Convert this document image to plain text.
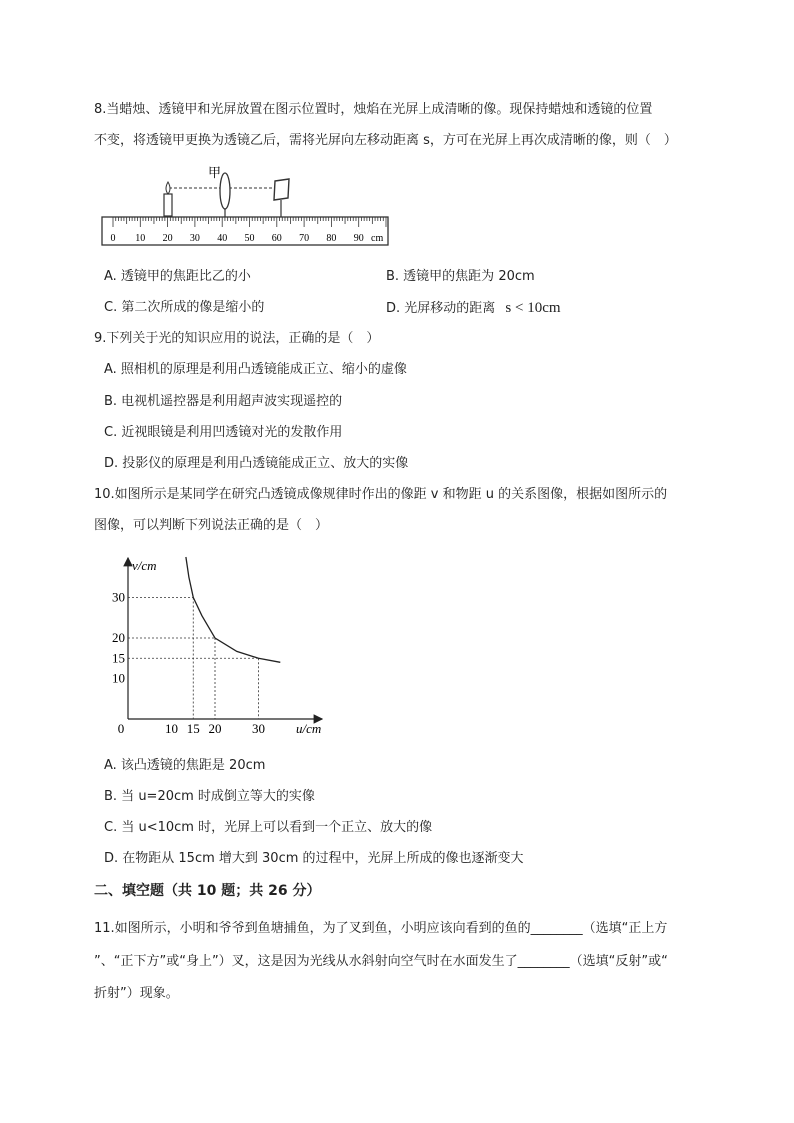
8.当蜡烛、透镜甲和光屏放置在图示位置时，烛焰在光屏上成清晰的像。现保持蜡烛和透镜的位置
不变，将透镜甲更换为透镜乙后，需将光屏向左移动距离 s，方可在光屏上再次成清晰的像，则（　）
甲
0 10 20 30 40 50 60 70 80 90 cm
A. 透镜甲的焦距比乙的小	B. 透镜甲的焦距为 20cm
C. 第二次所成的像是缩小的	D. 光屏移动的距离 s < 10cm
9.下列关于光的知识应用的说法，正确的是（　）
A. 照相机的原理是利用凸透镜能成正立、缩小的虚像
B. 电视机遥控器是利用超声波实现遥控的
C. 近视眼镜是利用凹透镜对光的发散作用
D. 投影仪的原理是利用凸透镜能成正立、放大的实像
10.如图所示是某同学在研究凸透镜成像规律时作出的像距 v 和物距 u 的关系图像，根据如图所示的
图像，可以判断下列说法正确的是（　）
10 15 20 30
10
15
20
30
0
v/cm
u/cm
A. 该凸透镜的焦距是 20cm
B. 当 u=20cm 时成倒立等大的实像
C. 当 u<10cm 时，光屏上可以看到一个正立、放大的像
D. 在物距从 15cm 增大到 30cm 的过程中，光屏上所成的像也逐渐变大
二、填空题（共 10 题；共 26 分）
11.如图所示，小明和爷爷到鱼塘捕鱼，为了叉到鱼，小明应该向看到的鱼的________（选填“正上方
”、“正下方”或“身上”）叉，这是因为光线从水斜射向空气时在水面发生了________（选填“反射”或“
折射”）现象。
